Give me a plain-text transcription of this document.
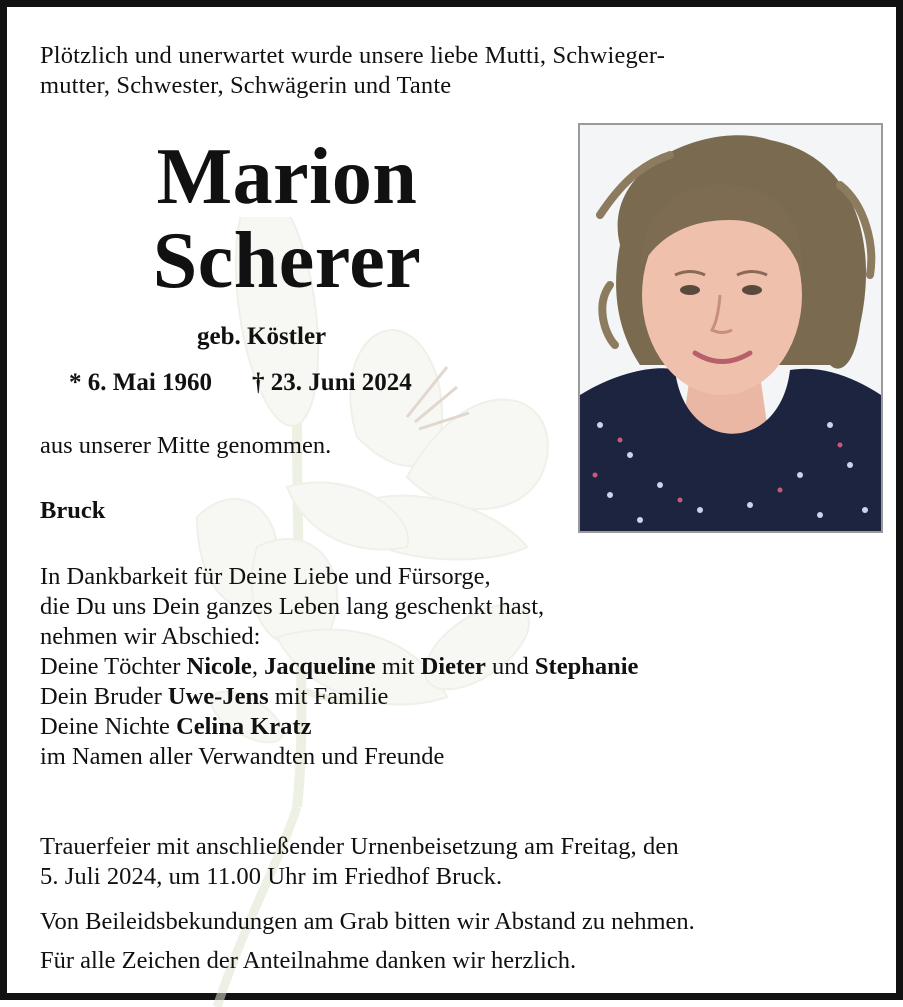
Plötzlich und unerwartet wurde unsere liebe Mutti, Schwieger-
mutter, Schwester, Schwägerin und Tante
Marion
Scherer
geb. Köstler
* 6. Mai 1960 † 23. Juni 2024
aus unserer Mitte genommen.
Bruck
In Dankbarkeit für Deine Liebe und Fürsorge,
die Du uns Dein ganzes Leben lang geschenkt hast,
nehmen wir Abschied:
Deine Töchter Nicole, Jacqueline mit Dieter und Stephanie
Dein Bruder Uwe-Jens mit Familie
Deine Nichte Celina Kratz
im Namen aller Verwandten und Freunde
Trauerfeier mit anschließender Urnenbeisetzung am Freitag, den
5. Juli 2024, um 11.00 Uhr im Friedhof Bruck.
Von Beileidsbekundungen am Grab bitten wir Abstand zu nehmen.
Für alle Zeichen der Anteilnahme danken wir herzlich.
